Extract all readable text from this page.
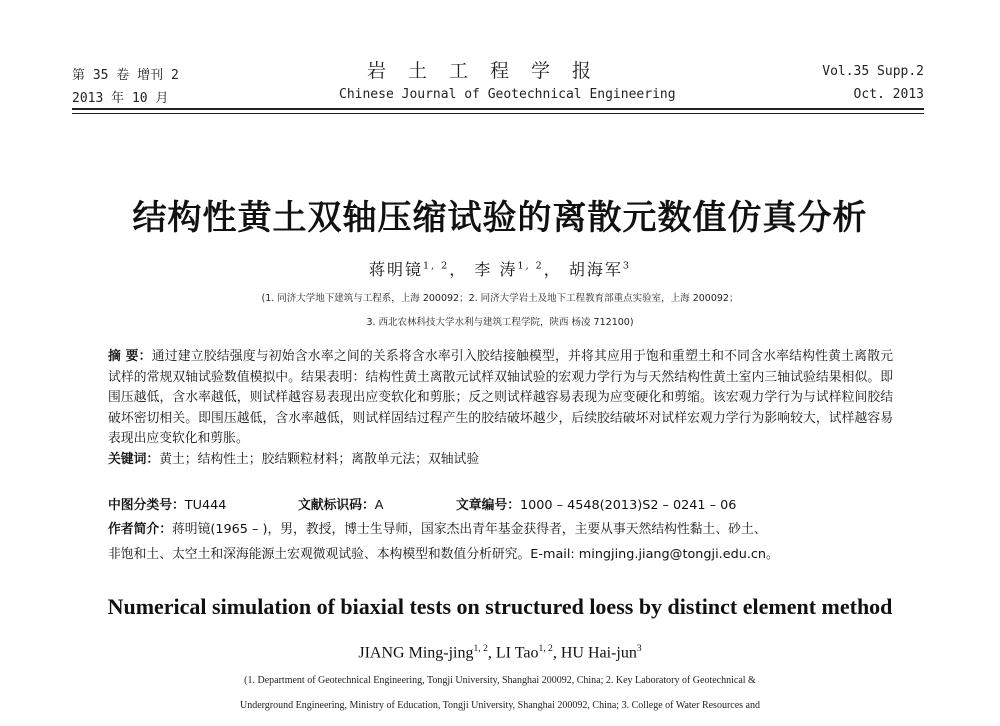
第 35 卷 增刊 2
2013 年 10 月
岩土工程学报
Chinese Journal of Geotechnical Engineering
Vol.35 Supp.2
Oct. 2013
结构性黄土双轴压缩试验的离散元数值仿真分析
蒋明镜$^{1, 2}$， 李 涛$^{1, 2}$， 胡海军$^3$
(1. 同济大学地下建筑与工程系，上海 200092；2. 同济大学岩土及地下工程教育部重点实验室，上海 200092；
3. 西北农林科技大学水利与建筑工程学院，陕西 杨凌 712100)

摘 要：通过建立胶结强度与初始含水率之间的关系将含水率引入胶结接触模型，并将其应用于饱和重塑土和不同含水率结构性黄土离散元试样的常规双轴试验数值模拟中。结果表明：结构性黄土离散元试样双轴试验的宏观力学行为与天然结构性黄土室内三轴试验结果相似。即围压越低，含水率越低，则试样越容易表现出应变软化和剪胀；反之则试样越容易表现为应变硬化和剪缩。该宏观力学行为与试样粒间胶结破坏密切相关。即围压越低，含水率越低，则试样固结过程产生的胶结破坏越少，后续胶结破坏对试样宏观力学行为影响较大，试样越容易表现出应变软化和剪胀。

关键词：黄土；结构性土；胶结颗粒材料；离散单元法；双轴试验

中图分类号：TU444	文献标识码：A	文章编号：1000 – 4548(2013)S2 – 0241 – 06
作者简介：蒋明镜(1965 – )，男，教授，博士生导师，国家杰出青年基金获得者，主要从事天然结构性黏土、砂土、
非饱和土、太空土和深海能源土宏观微观试验、本构模型和数值分析研究。E-mail: mingjing.jiang@tongji.edu.cn。
Numerical simulation of biaxial tests on structured loess by distinct element method
JIANG Ming-jing$^{1, 2}$, LI Tao$^{1, 2}$, HU Hai-jun$^3$
(1. Department of Geotechnical Engineering, Tongji University, Shanghai 200092, China; 2. Key Laboratory of Geotechnical &
Underground Engineering, Ministry of Education, Tongji University, Shanghai 200092, China; 3. College of Water Resources and
